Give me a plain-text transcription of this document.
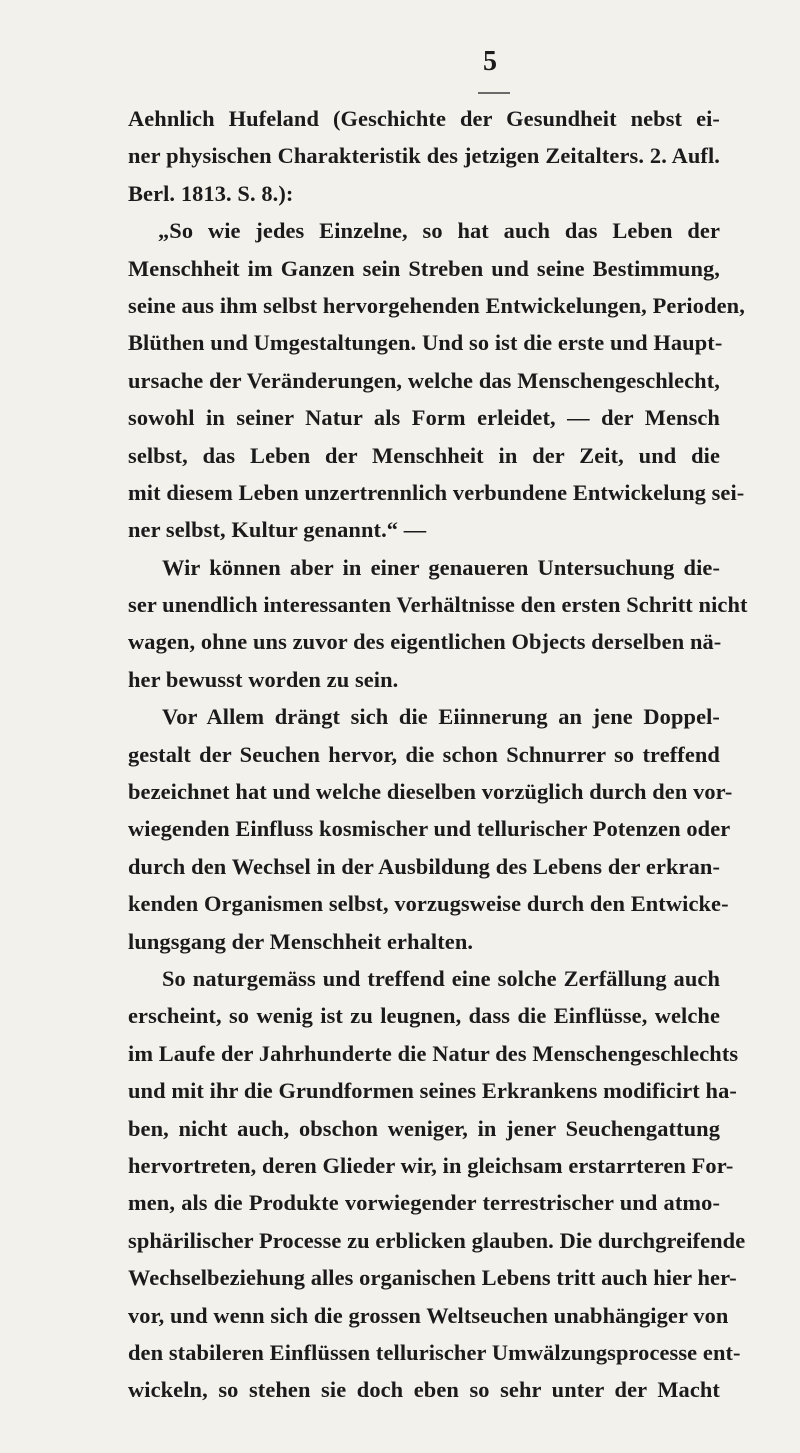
5
Aehnlich Hufeland (Geschichte der Gesundheit nebst ei-
ner physischen Charakteristik des jetzigen Zeitalters. 2. Aufl.
Berl. 1813. S. 8.):
„So wie jedes Einzelne, so hat auch das Leben der
Menschheit im Ganzen sein Streben und seine Bestimmung,
seine aus ihm selbst hervorgehenden Entwickelungen, Perioden,
Blüthen und Umgestaltungen. Und so ist die erste und Haupt-
ursache der Veränderungen, welche das Menschengeschlecht,
sowohl in seiner Natur als Form erleidet, — der Mensch
selbst, das Leben der Menschheit in der Zeit, und die
mit diesem Leben unzertrennlich verbundene Entwickelung sei-
ner selbst, Kultur genannt.“ —
Wir können aber in einer genaueren Untersuchung die-
ser unendlich interessanten Verhältnisse den ersten Schritt nicht
wagen, ohne uns zuvor des eigentlichen Objects derselben nä-
her bewusst worden zu sein.
Vor Allem drängt sich die Eiinnerung an jene Doppel-
gestalt der Seuchen hervor, die schon Schnurrer so treffend
bezeichnet hat und welche dieselben vorzüglich durch den vor-
wiegenden Einfluss kosmischer und tellurischer Potenzen oder
durch den Wechsel in der Ausbildung des Lebens der erkran-
kenden Organismen selbst, vorzugsweise durch den Entwicke-
lungsgang der Menschheit erhalten.
So naturgemäss und treffend eine solche Zerfällung auch
erscheint, so wenig ist zu leugnen, dass die Einflüsse, welche
im Laufe der Jahrhunderte die Natur des Menschengeschlechts
und mit ihr die Grundformen seines Erkrankens modificirt ha-
ben, nicht auch, obschon weniger, in jener Seuchengattung
hervortreten, deren Glieder wir, in gleichsam erstarrteren For-
men, als die Produkte vorwiegender terrestrischer und atmo-
sphärilischer Processe zu erblicken glauben. Die durchgreifende
Wechselbeziehung alles organischen Lebens tritt auch hier her-
vor, und wenn sich die grossen Weltseuchen unabhängiger von
den stabileren Einflüssen tellurischer Umwälzungsprocesse ent-
wickeln, so stehen sie doch eben so sehr unter der Macht
